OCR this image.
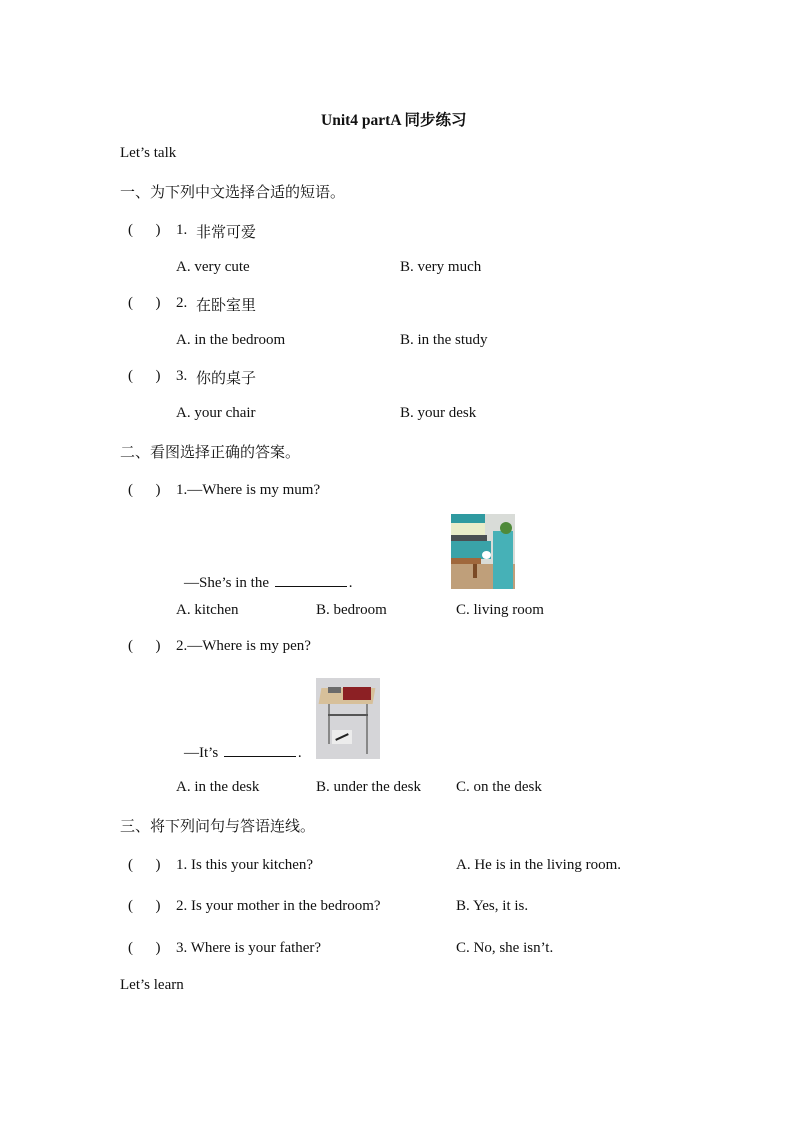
Unit4 partA 同步练习
Let’s talk
一、为下列中文选择合适的短语。
(      ) 1. 非常可爱
A. very cute	B. very much
(      ) 2. 在卧室里
A. in the bedroom	B. in the study
(      ) 3. 你的桌子
A. your chair	B. your desk
二、看图选择正确的答案。
(      ) 1.—Where is my mum?
—She’s in the	.
A. kitchen	B. bedroom	C. living room
(      ) 2.—Where is my pen?
—It’s	.
A. in the desk	B. under the desk C. on the desk
三、将下列问句与答语连线。
(      ) 1. Is this your kitchen?	A. He is in the living room.
(      ) 2. Is your mother in the bedroom?	B. Yes, it is.
(      ) 3. Where is your father?	C. No, she isn’t.
Let’s learn
